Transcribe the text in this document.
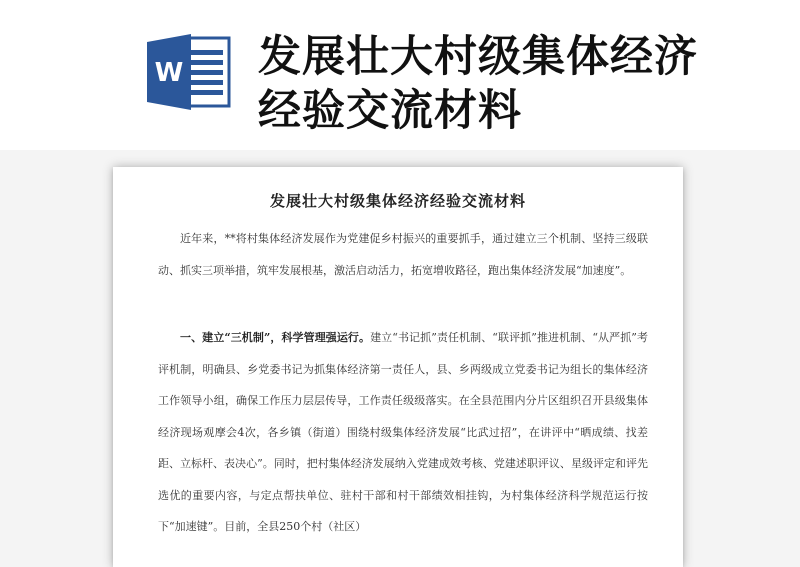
W 发展壮大村级集体经济经验交流材料
发展壮大村级集体经济经验交流材料

近年来，**将村集体经济发展作为党建促乡村振兴的重要抓手，通过建立三个机制、坚持三级联动、抓实三项举措，筑牢发展根基，激活启动活力，拓宽增收路径，跑出集体经济发展“加速度”。

一、建立“三机制”，科学管理强运行。建立“书记抓”责任机制、“联评抓”推进机制、“从严抓”考评机制，明确县、乡党委书记为抓集体经济第一责任人，县、乡两级成立党委书记为组长的集体经济工作领导小组，确保工作压力层层传导，工作责任级级落实。在全县范围内分片区组织召开县级集体经济现场观摩会4次，各乡镇（街道）围绕村级集体经济发展“比武过招”，在讲评中“晒成绩、找差距、立标杆、表决心”。同时，把村集体经济发展纳入党建成效考核、党建述职评议、星级评定和评先选优的重要内容，与定点帮扶单位、驻村干部和村干部绩效相挂钩，为村集体经济科学规范运行按下“加速键”。目前，全县250个村（社区）
